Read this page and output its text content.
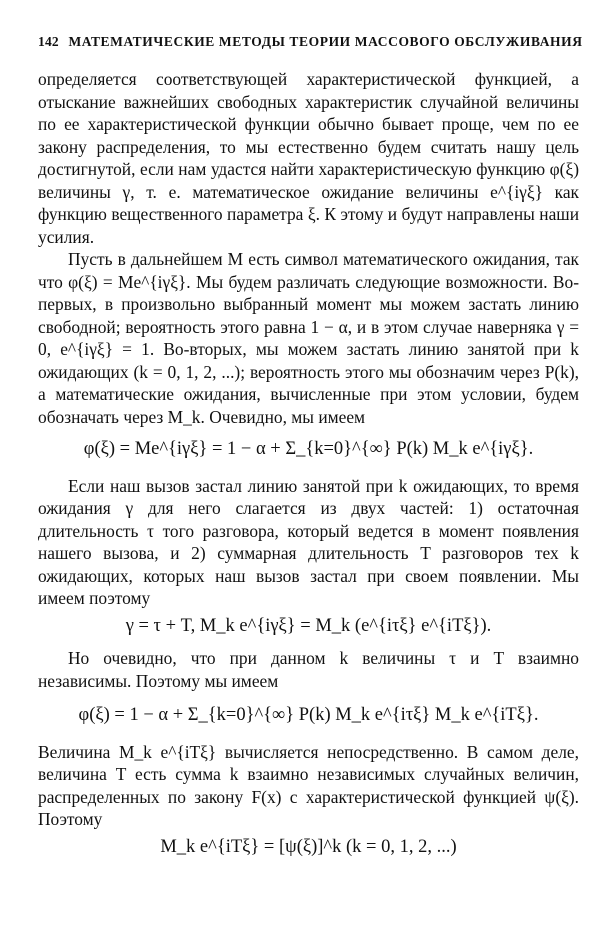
142 МАТЕМАТИЧЕСКИЕ МЕТОДЫ ТЕОРИИ МАССОВОГО ОБСЛУЖИВАНИЯ

определяется соответствующей характеристической функцией, а отыскание важнейших свободных характеристик случайной величины по ее характеристической функции обычно бывает проще, чем по ее закону распределения, то мы естественно будем считать нашу цель достигнутой, если нам удастся найти характеристическую функцию φ(ξ) величины γ, т. е. математическое ожидание величины e^{iγξ} как функцию вещественного параметра ξ. К этому и будут направлены наши усилия.

Пусть в дальнейшем M есть символ математического ожидания, так что φ(ξ) = Me^{iγξ}. Мы будем различать следующие возможности. Во-первых, в произвольно выбранный момент мы можем застать линию свободной; вероятность этого равна 1 − α, и в этом случае наверняка γ = 0, e^{iγξ} = 1. Во-вторых, мы можем застать линию занятой при k ожидающих (k = 0, 1, 2, ...); вероятность этого мы обозначим через P(k), а математические ожидания, вычисленные при этом условии, будем обозначать через M_k. Очевидно, мы имеем

φ(ξ) = Me^{iγξ} = 1 − α + Σ_{k=0}^{∞} P(k) M_k e^{iγξ}.

Если наш вызов застал линию занятой при k ожидающих, то время ожидания γ для него слагается из двух частей: 1) остаточная длительность τ того разговора, который ведется в момент появления нашего вызова, и 2) суммарная длительность T разговоров тех k ожидающих, которых наш вызов застал при своем появлении. Мы имеем поэтому

γ = τ + T, M_k e^{iγξ} = M_k (e^{iτξ} e^{iTξ}).

Но очевидно, что при данном k величины τ и T взаимно независимы. Поэтому мы имеем

φ(ξ) = 1 − α + Σ_{k=0}^{∞} P(k) M_k e^{iτξ} M_k e^{iTξ}.

Величина M_k e^{iTξ} вычисляется непосредственно. В самом деле, величина T есть сумма k взаимно независимых случайных величин, распределенных по закону F(x) с характеристической функцией ψ(ξ). Поэтому

M_k e^{iTξ} = [ψ(ξ)]^k (k = 0, 1, 2, ...)
